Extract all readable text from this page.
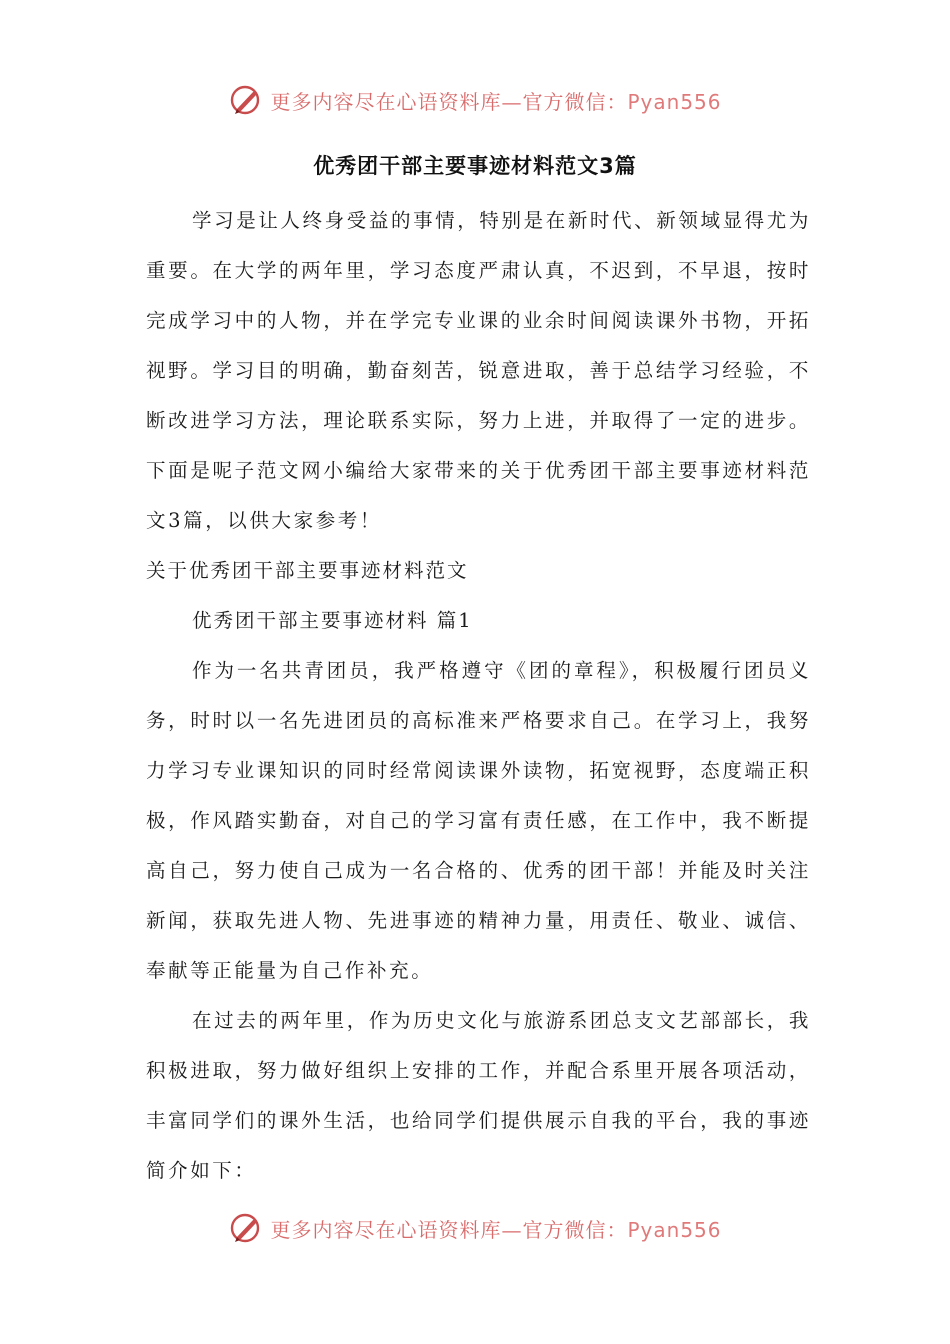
更多内容尽在心语资料库—官方微信：Pyan556
优秀团干部主要事迹材料范文3篇

学习是让人终身受益的事情，特别是在新时代、新领域显得尤为重要。在大学的两年里，学习态度严肃认真，不迟到，不早退，按时完成学习中的人物，并在学完专业课的业余时间阅读课外书物，开拓视野。学习目的明确，勤奋刻苦，锐意进取，善于总结学习经验，不断改进学习方法，理论联系实际，努力上进，并取得了一定的进步。下面是呢子范文网小编给大家带来的关于优秀团干部主要事迹材料范文3篇，以供大家参考！

关于优秀团干部主要事迹材料范文

优秀团干部主要事迹材料 篇1

作为一名共青团员，我严格遵守《团的章程》，积极履行团员义务，时时以一名先进团员的高标准来严格要求自己。在学习上，我努力学习专业课知识的同时经常阅读课外读物，拓宽视野，态度端正积极，作风踏实勤奋，对自己的学习富有责任感，在工作中，我不断提高自己，努力使自己成为一名合格的、优秀的团干部！并能及时关注新闻，获取先进人物、先进事迹的精神力量，用责任、敬业、诚信、奉献等正能量为自己作补充。

在过去的两年里，作为历史文化与旅游系团总支文艺部部长，我积极进取，努力做好组织上安排的工作，并配合系里开展各项活动，丰富同学们的课外生活，也给同学们提供展示自我的平台，我的事迹简介如下：

更多内容尽在心语资料库—官方微信：Pyan556
